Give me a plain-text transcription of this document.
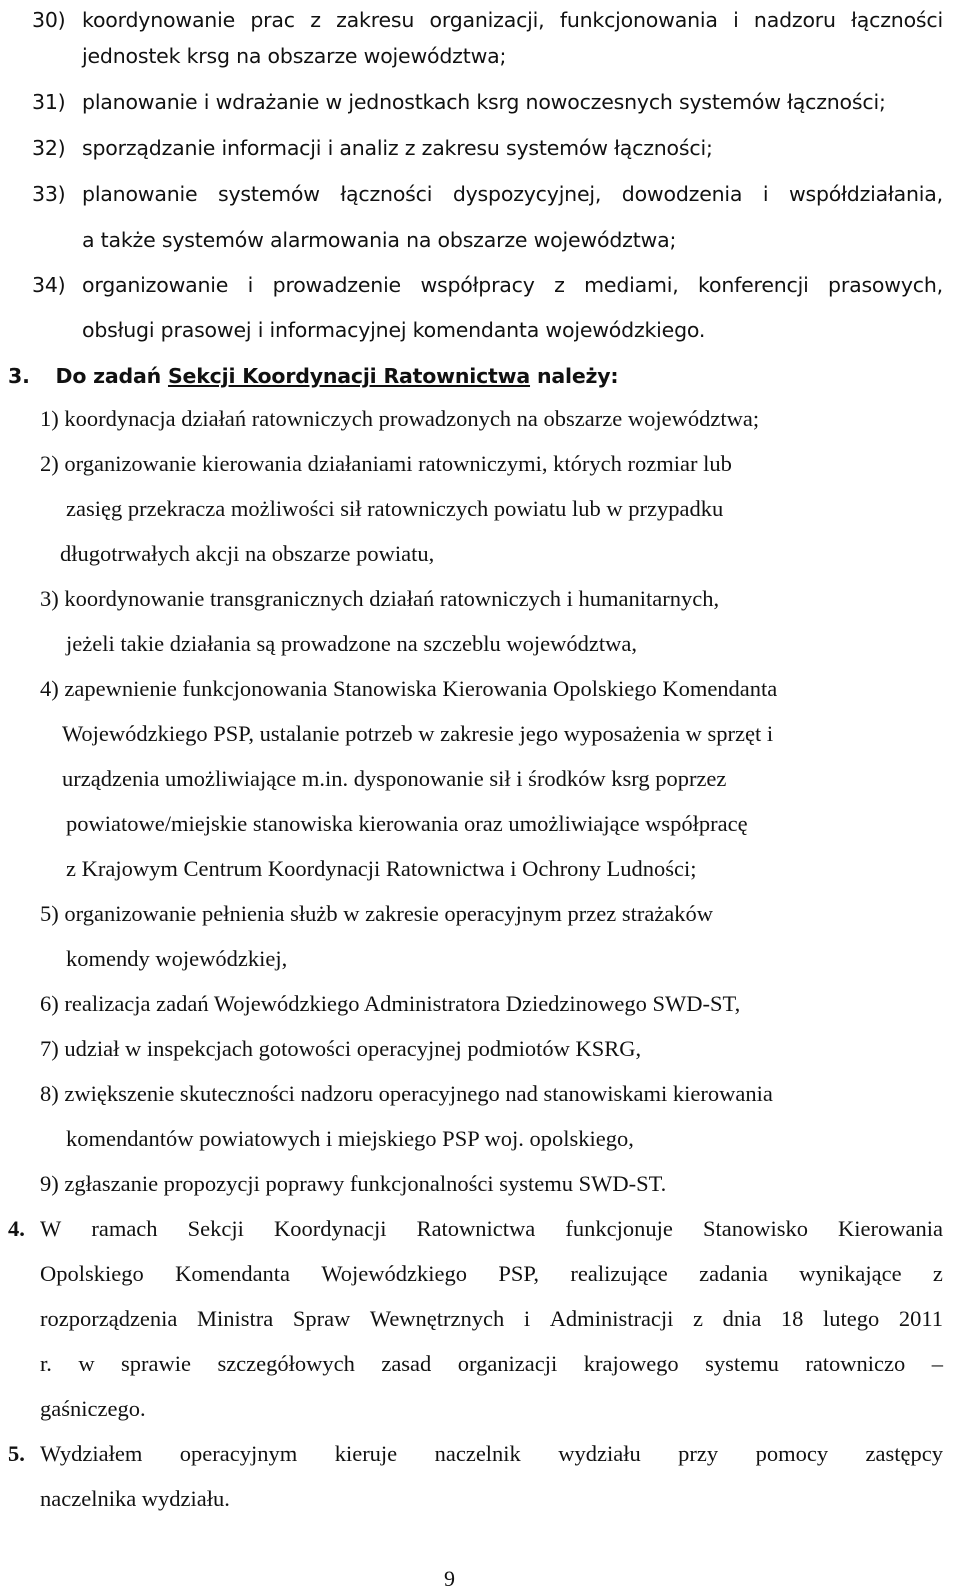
30) koordynowanie prac z zakresu organizacji, funkcjonowania i nadzoru łączności
jednostek krsg na obszarze województwa;
31) planowanie i wdrażanie w jednostkach ksrg nowoczesnych systemów łączności;
32) sporządzanie informacji i analiz z zakresu systemów łączności;
33) planowanie systemów łączności dyspozycyjnej, dowodzenia i współdziałania,
a także systemów alarmowania na obszarze województwa;
34) organizowanie i prowadzenie współpracy z mediami, konferencji prasowych,
obsługi prasowej i informacyjnej komendanta wojewódzkiego.
3. Do zadań Sekcji Koordynacji Ratownictwa należy:
1) koordynacja działań ratowniczych prowadzonych na obszarze województwa;
2) organizowanie kierowania działaniami ratowniczymi, których rozmiar lub
zasięg przekracza możliwości sił ratowniczych powiatu lub w przypadku
długotrwałych akcji na obszarze powiatu,
3) koordynowanie transgranicznych działań ratowniczych i humanitarnych,
jeżeli takie działania są prowadzone na szczeblu województwa,
4) zapewnienie funkcjonowania Stanowiska Kierowania Opolskiego Komendanta
Wojewódzkiego PSP, ustalanie potrzeb w zakresie jego wyposażenia w sprzęt i
urządzenia umożliwiające m.in. dysponowanie sił i środków ksrg poprzez
powiatowe/miejskie stanowiska kierowania oraz umożliwiające współpracę
z Krajowym Centrum Koordynacji Ratownictwa i Ochrony Ludności;
5) organizowanie pełnienia służb w zakresie operacyjnym przez strażaków
komendy wojewódzkiej,
6) realizacja zadań Wojewódzkiego Administratora Dziedzinowego SWD-ST,
7) udział w inspekcjach gotowości operacyjnej podmiotów KSRG,
8) zwiększenie skuteczności nadzoru operacyjnego nad stanowiskami kierowania
komendantów powiatowych i miejskiego PSP woj. opolskiego,
9) zgłaszanie propozycji poprawy funkcjonalności systemu SWD-ST.
4. W ramach Sekcji Koordynacji Ratownictwa funkcjonuje Stanowisko Kierowania
Opolskiego Komendanta Wojewódzkiego PSP, realizujące zadania wynikające z
rozporządzenia Ministra Spraw Wewnętrznych i Administracji z dnia 18 lutego 2011
r. w sprawie szczegółowych zasad organizacji krajowego systemu ratowniczo –
gaśniczego.
5. Wydziałem operacyjnym kieruje naczelnik wydziału przy pomocy zastępcy
naczelnika wydziału.
9
